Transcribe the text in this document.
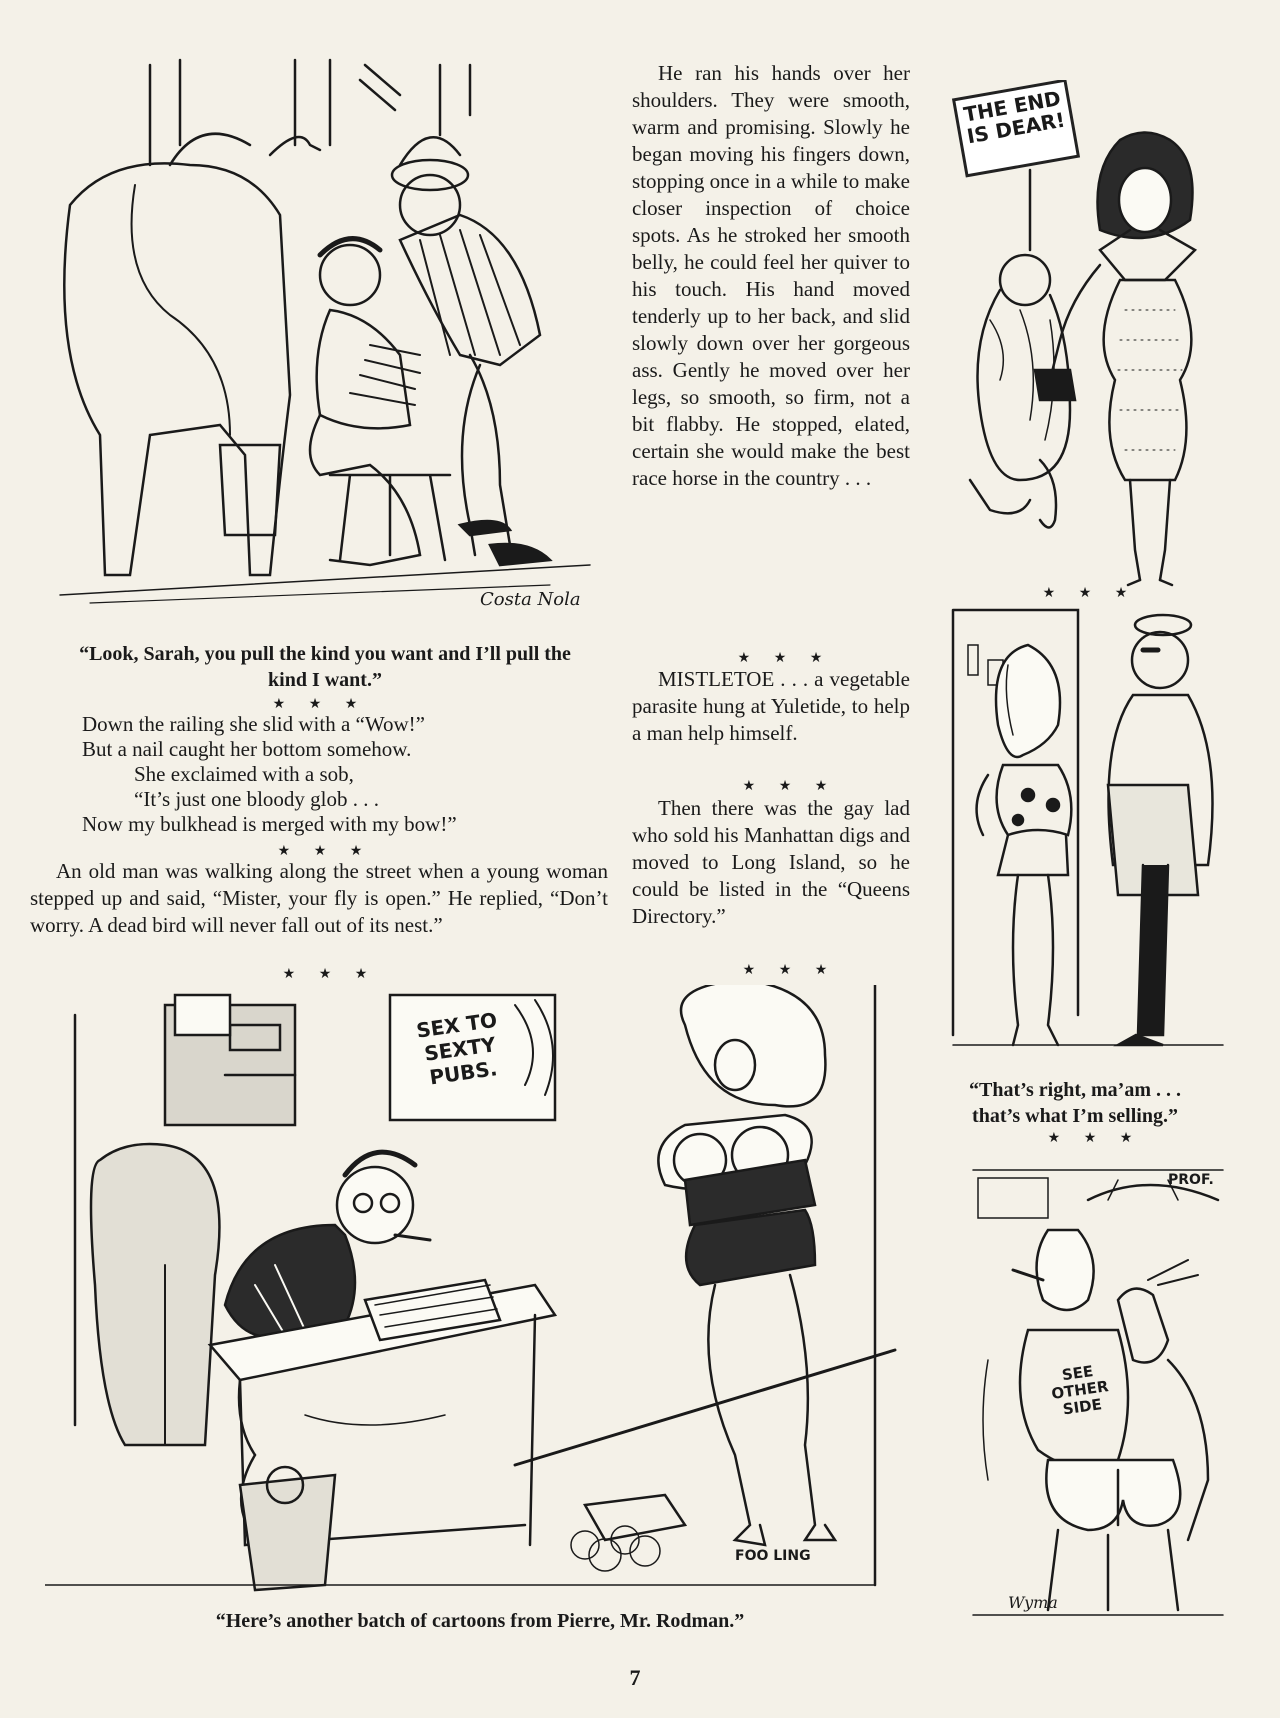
Costa Nola
“Look, Sarah, you pull the kind you want and I’ll pull the kind I want.”
★ ★ ★
Down the railing she slid with a “Wow!”
But a nail caught her bottom somehow.
She exclaimed with a sob,
“It’s just one bloody glob . . .
Now my bulkhead is merged with my bow!”
★ ★ ★
An old man was walking along the street when a young woman stepped up and said, “Mister, your fly is open.” He replied, “Don’t worry. A dead bird will never fall out of its nest.”
★ ★ ★
He ran his hands over her shoulders. They were smooth, warm and promising. Slowly he began moving his fingers down, stopping once in a while to make closer inspection of choice spots. As he stroked her smooth belly, he could feel her quiver to his touch. His hand moved tenderly up to her back, and slid slowly down over her gorgeous ass. Gently he moved over her legs, so smooth, so firm, not a bit flabby. He stopped, elated, certain she would make the best race horse in the country . . .
★ ★ ★
MISTLETOE . . . a vegetable parasite hung at Yuletide, to help a man help himself.
★ ★ ★
Then there was the gay lad who sold his Manhattan digs and moved to Long Island, so he could be listed in the “Queens Directory.”
★ ★ ★
THE END IS DEAR!
★ ★ ★
“That’s right, ma’am . . . that’s what I’m selling.”
★ ★ ★
Wyma
PROF.
SEE OTHER SIDE
FOO LING
SEX TO SEXTY PUBS.
“Here’s another batch of cartoons from Pierre, Mr. Rodman.”
7
